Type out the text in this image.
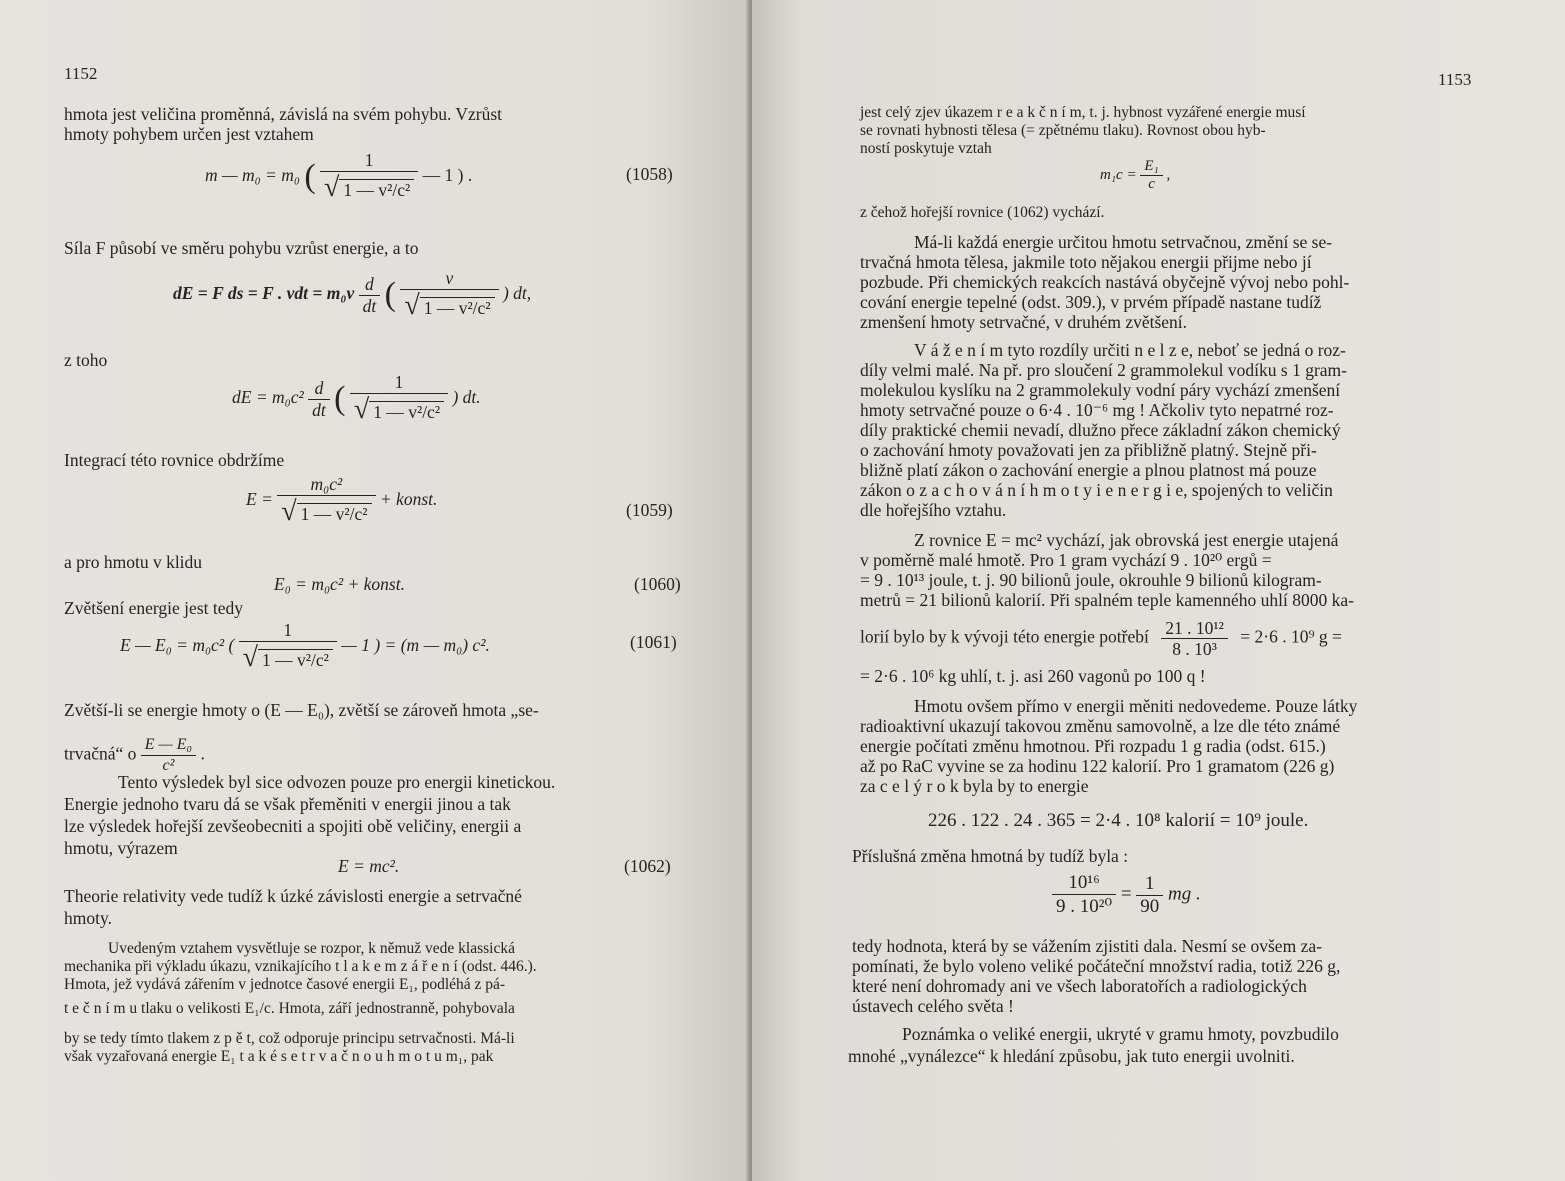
1152
hmota jest veličina proměnná, závislá na svém pohybu. Vzrůst
hmoty pohybem určen jest vztahem
m — m₀ = m₀ ( $\frac{1}{\text{√ 1 — v²/c²}}$ — 1 ) .	(1058)
Síla F působí ve směru pohybu vzrůst energie, a to
dE = F ds = F . vdt = $m_0v \frac{d}{dt}$ ( $\frac{v}{\text{√ 1 — v²/c²}}$ ) dt,
z toho
dE = $m_0c^2 \frac{d}{dt}$ ( $\frac{1}{\text{√ 1 — v²/c²}}$ ) dt.
Integrací této rovnice obdržíme
$E = \frac{\text{m₀c²}}{\text{√ 1 — v²/c²}}$ + konst.
(1059)
a pro hmotu v klidu
E₀ = m₀c² + konst.	(1060)
Zvětšení energie jest tedy
E — E₀ = m₀c² ( $\frac{1}{\text{√ 1 — v²/c²}}$ — 1 ) = (m — m₀) c².	(1061)
Zvětší-li se energie hmoty o (E — E₀), zvětší se zároveň hmota „se-
trvačná“ o $\frac{\text{E — E₀}}{\text{c²}}$ .
Tento výsledek byl sice odvozen pouze pro energii kinetickou.
Energie jednoho tvaru dá se však přeměniti v energii jinou a tak
lze výsledek hořejší zevšeobecniti a spojiti obě veličiny, energii a
hmotu, výrazem
E = mc².	(1062)
Theorie relativity vede tudíž k úzké závislosti energie a setrvačné
hmoty.
Uvedeným vztahem vysvětluje se rozpor, k němuž vede klassická
mechanika při výkladu úkazu, vznikajícího t l a k e m z á ř e n í (odst. 446.).
Hmota, jež vydává zářením v jednotce časové energii E₁, podléhá z pá-
t e č n í m u tlaku o velikosti E₁/c. Hmota, září jednostranně, pohybovala
by se tedy tímto tlakem z p ě t, což odporuje principu setrvačnosti. Má-li
však vyzařovaná energie E₁ t a k é s e t r v a č n o u h m o t u m₁, pak
1153
jest celý zjev úkazem r e a k č n í m, t. j. hybnost vyzářené energie musí
se rovnati hybnosti tělesa (= zpětnému tlaku). Rovnost obou hyb-
ností poskytuje vztah
$m_1c = \frac{\text{E₁}}{c}$ ,
z čehož hořejší rovnice (1062) vychází.
Má-li každá energie určitou hmotu setrvačnou, změní se se-
trvačná hmota tělesa, jakmile toto nějakou energii přijme nebo jí
pozbude. Při chemických reakcích nastává obyčejně vývoj nebo pohl-
cování energie tepelné (odst. 309.), v prvém případě nastane tudíž
zmenšení hmoty setrvačné, v druhém zvětšení.
V á ž e n í m tyto rozdíly určiti n e l z e, neboť se jedná o roz-
díly velmi malé. Na př. pro sloučení 2 grammolekul vodíku s 1 gram-
molekulou kyslíku na 2 grammolekuly vodní páry vychází zmenšení
hmoty setrvačné pouze o 6·4 . 10⁻⁶ mg ! Ačkoliv tyto nepatrné roz-
díly praktické chemii nevadí, dlužno přece základní zákon chemický
o zachování hmoty považovati jen za přibližně platný. Stejně při-
bližně platí zákon o zachování energie a plnou platnost má pouze
zákon o z a c h o v á n í h m o t y i e n e r g i e, spojených to veličin
dle hořejšího vztahu.
Z rovnice E = mc² vychází, jak obrovská jest energie utajená
v poměrně malé hmotě. Pro 1 gram vychází 9 . 10²⁰ ergů =
= 9 . 10¹³ joule, t. j. 90 bilionů joule, okrouhle 9 bilionů kilogram-
metrů = 21 bilionů kalorií. Při spalném teple kamenného uhlí 8000 ka-
lorií bylo by k vývoji této energie potřebí $\frac{\text{21 . 10¹²}}{\text{8 . 10³}} = 2\cdot 6$ . 10⁹ g =
= 2·6 . 10⁶ kg uhlí, t. j. asi 260 vagonů po 100 q !
Hmotu ovšem přímo v energii měniti nedovedeme. Pouze látky
radioaktivní ukazují takovou změnu samovolně, a lze dle této známé
energie počítati změnu hmotnou. Při rozpadu 1 g radia (odst. 615.)
až po RaC vyvine se za hodinu 122 kalorií. Pro 1 gramatom (226 g)
za c e l ý r o k byla by to energie
226 . 122 . 24 . 365 = 2·4 . 10⁸ kalorií = 10⁹ joule.
Příslušná změna hmotná by tudíž byla :
$\frac{\text{10¹⁶}}{\text{9 . 10²⁰}} = \frac{1}{90}$ mg .
tedy hodnota, která by se vážením zjistiti dala. Nesmí se ovšem za-
pomínati, že bylo voleno veliké počáteční množství radia, totiž 226 g,
které není dohromady ani ve všech laboratořích a radiologických
ústavech celého světa !
Poznámka o veliké energii, ukryté v gramu hmoty, povzbudilo
mnohé „vynálezce“ k hledání způsobu, jak tuto energii uvolniti.
